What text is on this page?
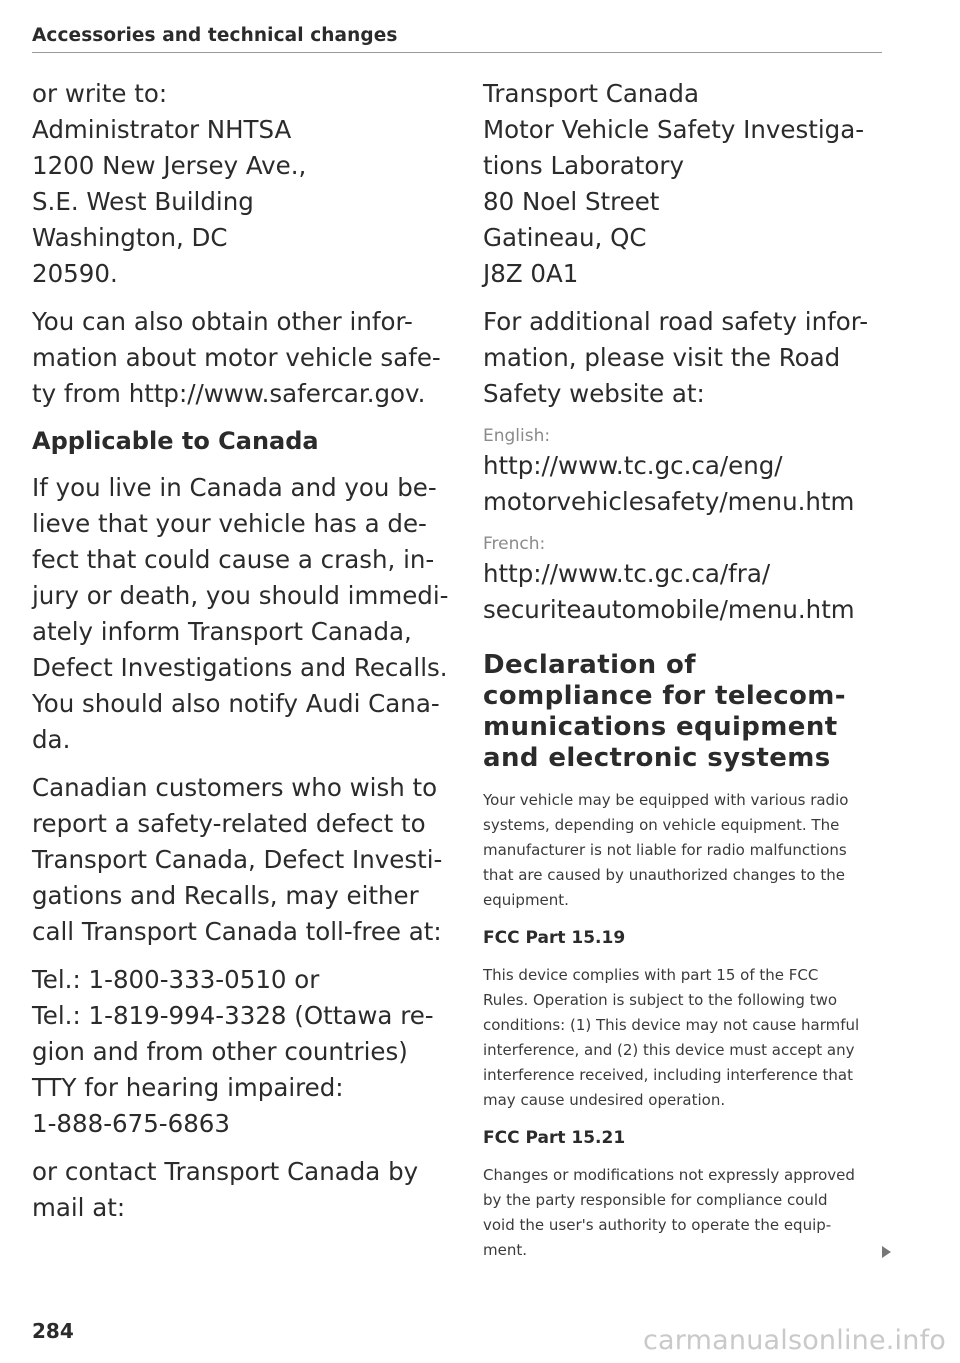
Accessories and technical changes
or write to:
Administrator NHTSA
1200 New Jersey Ave.,
S.E. West Building
Washington, DC
20590.
You can also obtain other infor-
mation about motor vehicle safe-
ty from http://www.safercar.gov.
Applicable to Canada
If you live in Canada and you be-
lieve that your vehicle has a de-
fect that could cause a crash, in-
jury or death, you should immedi-
ately inform Transport Canada,
Defect Investigations and Recalls.
You should also notify Audi Cana-
da.
Canadian customers who wish to
report a safety-related defect to
Transport Canada, Defect Investi-
gations and Recalls, may either
call Transport Canada toll-free at:
Tel.: 1-800-333-0510 or
Tel.: 1-819-994-3328 (Ottawa re-
gion and from other countries)
TTY for hearing impaired:
1-888-675-6863
or contact Transport Canada by
mail at:
Transport Canada
Motor Vehicle Safety Investiga-
tions Laboratory
80 Noel Street
Gatineau, QC
J8Z 0A1
For additional road safety infor-
mation, please visit the Road
Safety website at:
English:
http://www.tc.gc.ca/eng/
motorvehiclesafety/menu.htm
French:
http://www.tc.gc.ca/fra/
securiteautomobile/menu.htm
Declaration of
compliance for telecom-
munications equipment
and electronic systems
Your vehicle may be equipped with various radio
systems, depending on vehicle equipment. The
manufacturer is not liable for radio malfunctions
that are caused by unauthorized changes to the
equipment.
FCC Part 15.19
This device complies with part 15 of the FCC
Rules. Operation is subject to the following two
conditions: (1) This device may not cause harmful
interference, and (2) this device must accept any
interference received, including interference that
may cause undesired operation.
FCC Part 15.21
Changes or modifications not expressly approved
by the party responsible for compliance could
void the user's authority to operate the equip-
ment.
284	carmanualsonline.info
